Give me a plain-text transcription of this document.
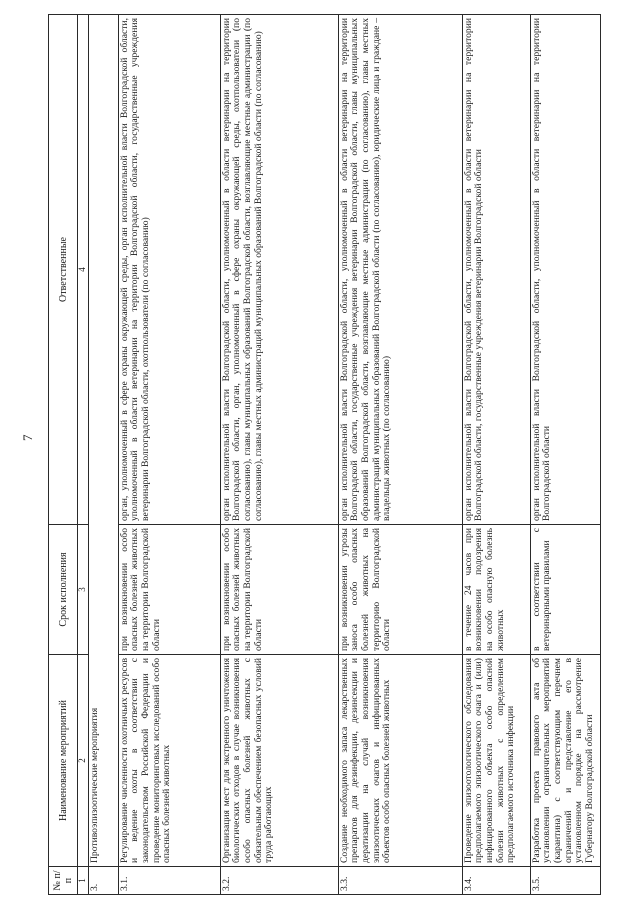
7
№ п/п	Наименование мероприятий	Срок исполнения	Ответственные
1	2	3	4
3.	Противоэпизоотические мероприятия		
3.1.	Регулирование численности охотничьих ресурсов и ведение охоты в соответствии с законодательством Российской Федерации и проведение мониторинговых исследований особо опасных болезней животных	при возникновении особо опасных болезней животных на территории Волгоградской области	орган, уполномоченный в сфере охраны окружающей среды, орган исполнительной власти Волгоградской области, уполномоченный в области ветеринарии на территории Волгоградской области, государственные учреждения ветеринарии Волгоградской области, охотпользователи (по согласованию)
3.2.	Организация мест для экстренного уничтожения биологических отходов в случае возникновения особо опасных болезней животных с обязательным обеспечением безопасных условий труда работающих	при возникновении особо опасных болезней животных на территории Волгоградской области	орган исполнительной власти Волгоградской области, уполномоченный в области ветеринарии на территории Волгоградской области, орган, уполномоченный в сфере охраны окружающей среды, охотпользователи (по согласованию), главы муниципальных образований Волгоградской области, возглавляющие местные администрации (по согласованию), главы местных администраций муниципальных образований Волгоградской области (по согласованию)
3.3.	Создание необходимого запаса лекарственных препаратов для дезинфекции, дезинсекции и дератизации на случай возникновения эпизоотических очагов и инфицированных объектов особо опасных болезней животных	при возникновении угрозы заноса особо опасных болезней животных на территорию Волгоградской области	орган исполнительной власти Волгоградской области, уполномоченный в области ветеринарии на территории Волгоградской области, государственные учреждения ветеринарии Волгоградской области, главы муниципальных образований Волгоградской области, возглавляющие местные администрации (по согласованию), главы местных администраций муниципальных образований Волгоградской области (по согласованию), юридические лица и граждане – владельцы животных (по согласованию)
3.4.	Проведение эпизоотологического обследования предполагаемого эпизоотического очага и (или) инфицированного объекта особо опасной болезни животных с определением предполагаемого источника инфекции	в течение 24 часов при возникновении подозрения на особо опасную болезнь животных	орган исполнительной власти Волгоградской области, уполномоченный в области ветеринарии на территории Волгоградской области, государственные учреждения ветеринарии Волгоградской области
3.5.	Разработка проекта правового акта об установлении ограничительных мероприятий (карантина) с соответствующим перечнем ограничений и представление его в установленном порядке на рассмотрение Губернатору Волгоградской области	в соответствии с ветеринарными правилами	орган исполнительной власти Волгоградской области, уполномоченный в области ветеринарии на территории Волгоградской области
